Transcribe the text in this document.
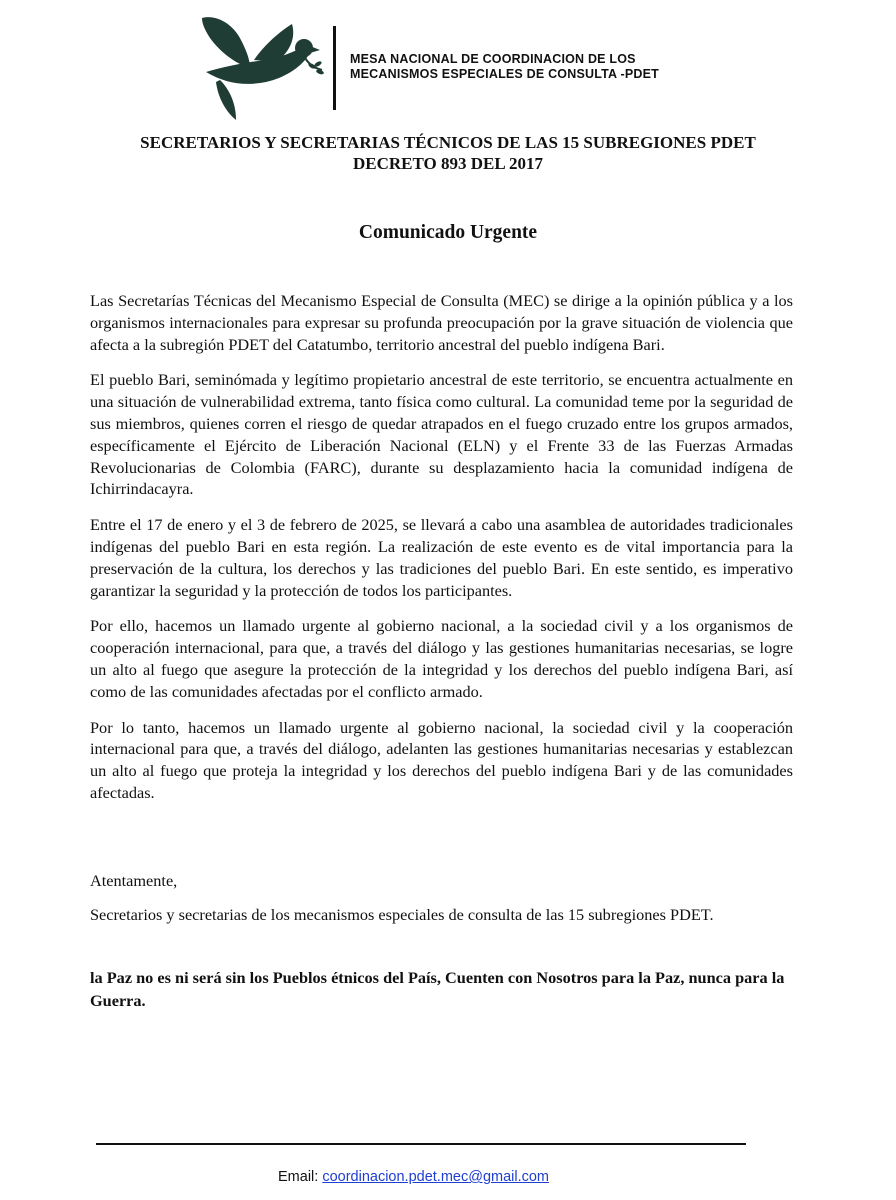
MESA NACIONAL DE COORDINACION DE LOS
MECANISMOS ESPECIALES DE CONSULTA -PDET
SECRETARIOS Y SECRETARIAS TÉCNICOS DE LAS 15 SUBREGIONES PDET
DECRETO 893 DEL 2017
Comunicado Urgente

Las Secretarías Técnicas del Mecanismo Especial de Consulta (MEC) se dirige a la opinión pública y a los organismos internacionales para expresar su profunda preocupación por la grave situación de violencia que afecta a la subregión PDET del Catatumbo, territorio ancestral del pueblo indígena Bari.

El pueblo Bari, seminómada y legítimo propietario ancestral de este territorio, se encuentra actualmente en una situación de vulnerabilidad extrema, tanto física como cultural. La comunidad teme por la seguridad de sus miembros, quienes corren el riesgo de quedar atrapados en el fuego cruzado entre los grupos armados, específicamente el Ejército de Liberación Nacional (ELN) y el Frente 33 de las Fuerzas Armadas Revolucionarias de Colombia (FARC), durante su desplazamiento hacia la comunidad indígena de Ichirrindacayra.

Entre el 17 de enero y el 3 de febrero de 2025, se llevará a cabo una asamblea de autoridades tradicionales indígenas del pueblo Bari en esta región. La realización de este evento es de vital importancia para la preservación de la cultura, los derechos y las tradiciones del pueblo Bari. En este sentido, es imperativo garantizar la seguridad y la protección de todos los participantes.

Por ello, hacemos un llamado urgente al gobierno nacional, a la sociedad civil y a los organismos de cooperación internacional, para que, a través del diálogo y las gestiones humanitarias necesarias, se logre un alto al fuego que asegure la protección de la integridad y los derechos del pueblo indígena Bari, así como de las comunidades afectadas por el conflicto armado.

Por lo tanto, hacemos un llamado urgente al gobierno nacional, la sociedad civil y la cooperación internacional para que, a través del diálogo, adelanten las gestiones humanitarias necesarias y establezcan un alto al fuego que proteja la integridad y los derechos del pueblo indígena Bari y de las comunidades afectadas.

Atentamente,

Secretarios y secretarias de los mecanismos especiales de consulta de las 15 subregiones PDET.

la Paz no es ni será sin los Pueblos étnicos del País, Cuenten con Nosotros para la Paz, nunca para la Guerra.

Email: coordinacion.pdet.mec@gmail.com
